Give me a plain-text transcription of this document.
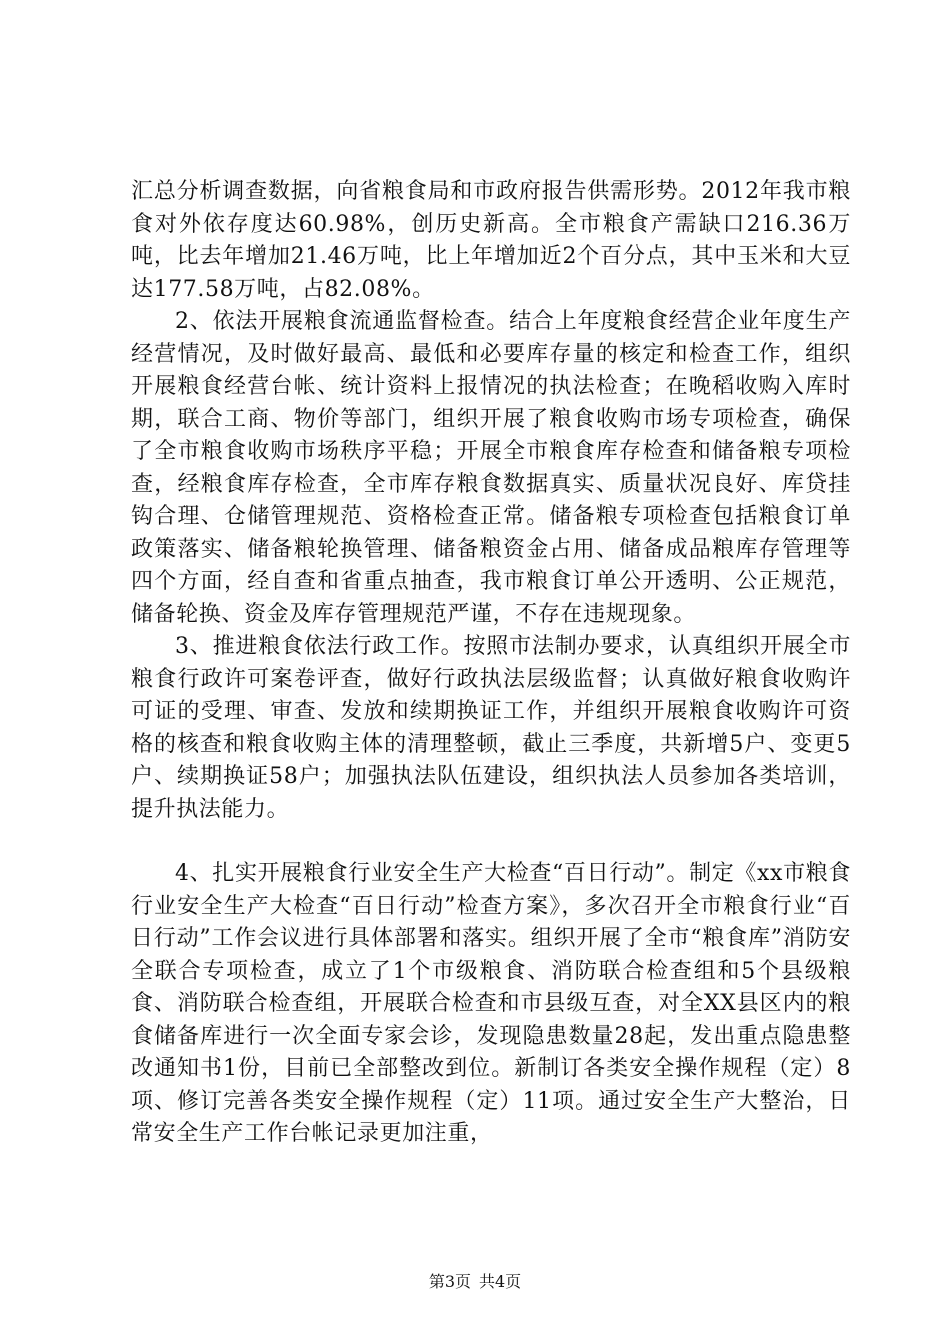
汇总分析调查数据，向省粮食局和市政府报告供需形势。2012年我市粮食对外依存度达60.98%，创历史新高。全市粮食产需缺口216.36万吨，比去年增加21.46万吨，比上年增加近2个百分点，其中玉米和大豆达177.58万吨，占82.08%。

2、依法开展粮食流通监督检查。结合上年度粮食经营企业年度生产经营情况，及时做好最高、最低和必要库存量的核定和检查工作，组织开展粮食经营台帐、统计资料上报情况的执法检查；在晚稻收购入库时期，联合工商、物价等部门，组织开展了粮食收购市场专项检查，确保了全市粮食收购市场秩序平稳；开展全市粮食库存检查和储备粮专项检查，经粮食库存检查，全市库存粮食数据真实、质量状况良好、库贷挂钩合理、仓储管理规范、资格检查正常。储备粮专项检查包括粮食订单政策落实、储备粮轮换管理、储备粮资金占用、储备成品粮库存管理等四个方面，经自查和省重点抽查，我市粮食订单公开透明、公正规范，储备轮换、资金及库存管理规范严谨，不存在违规现象。

3、推进粮食依法行政工作。按照市法制办要求，认真组织开展全市粮食行政许可案卷评查，做好行政执法层级监督；认真做好粮食收购许可证的受理、审查、发放和续期换证工作，并组织开展粮食收购许可资格的核查和粮食收购主体的清理整顿，截止三季度，共新增5户、变更5户、续期换证58户；加强执法队伍建设，组织执法人员参加各类培训，提升执法能力。

4、扎实开展粮食行业安全生产大检查“百日行动”。制定《xx市粮食行业安全生产大检查“百日行动”检查方案》，多次召开全市粮食行业“百日行动”工作会议进行具体部署和落实。组织开展了全市“粮食库”消防安全联合专项检查，成立了1个市级粮食、消防联合检查组和5个县级粮食、消防联合检查组，开展联合检查和市县级互查，对全XX县区内的粮食储备库进行一次全面专家会诊，发现隐患数量28起，发出重点隐患整改通知书1份，目前已全部整改到位。新制订各类安全操作规程（定）8项、修订完善各类安全操作规程（定）11项。通过安全生产大整治，日常安全生产工作台帐记录更加注重，

第3页 共4页
